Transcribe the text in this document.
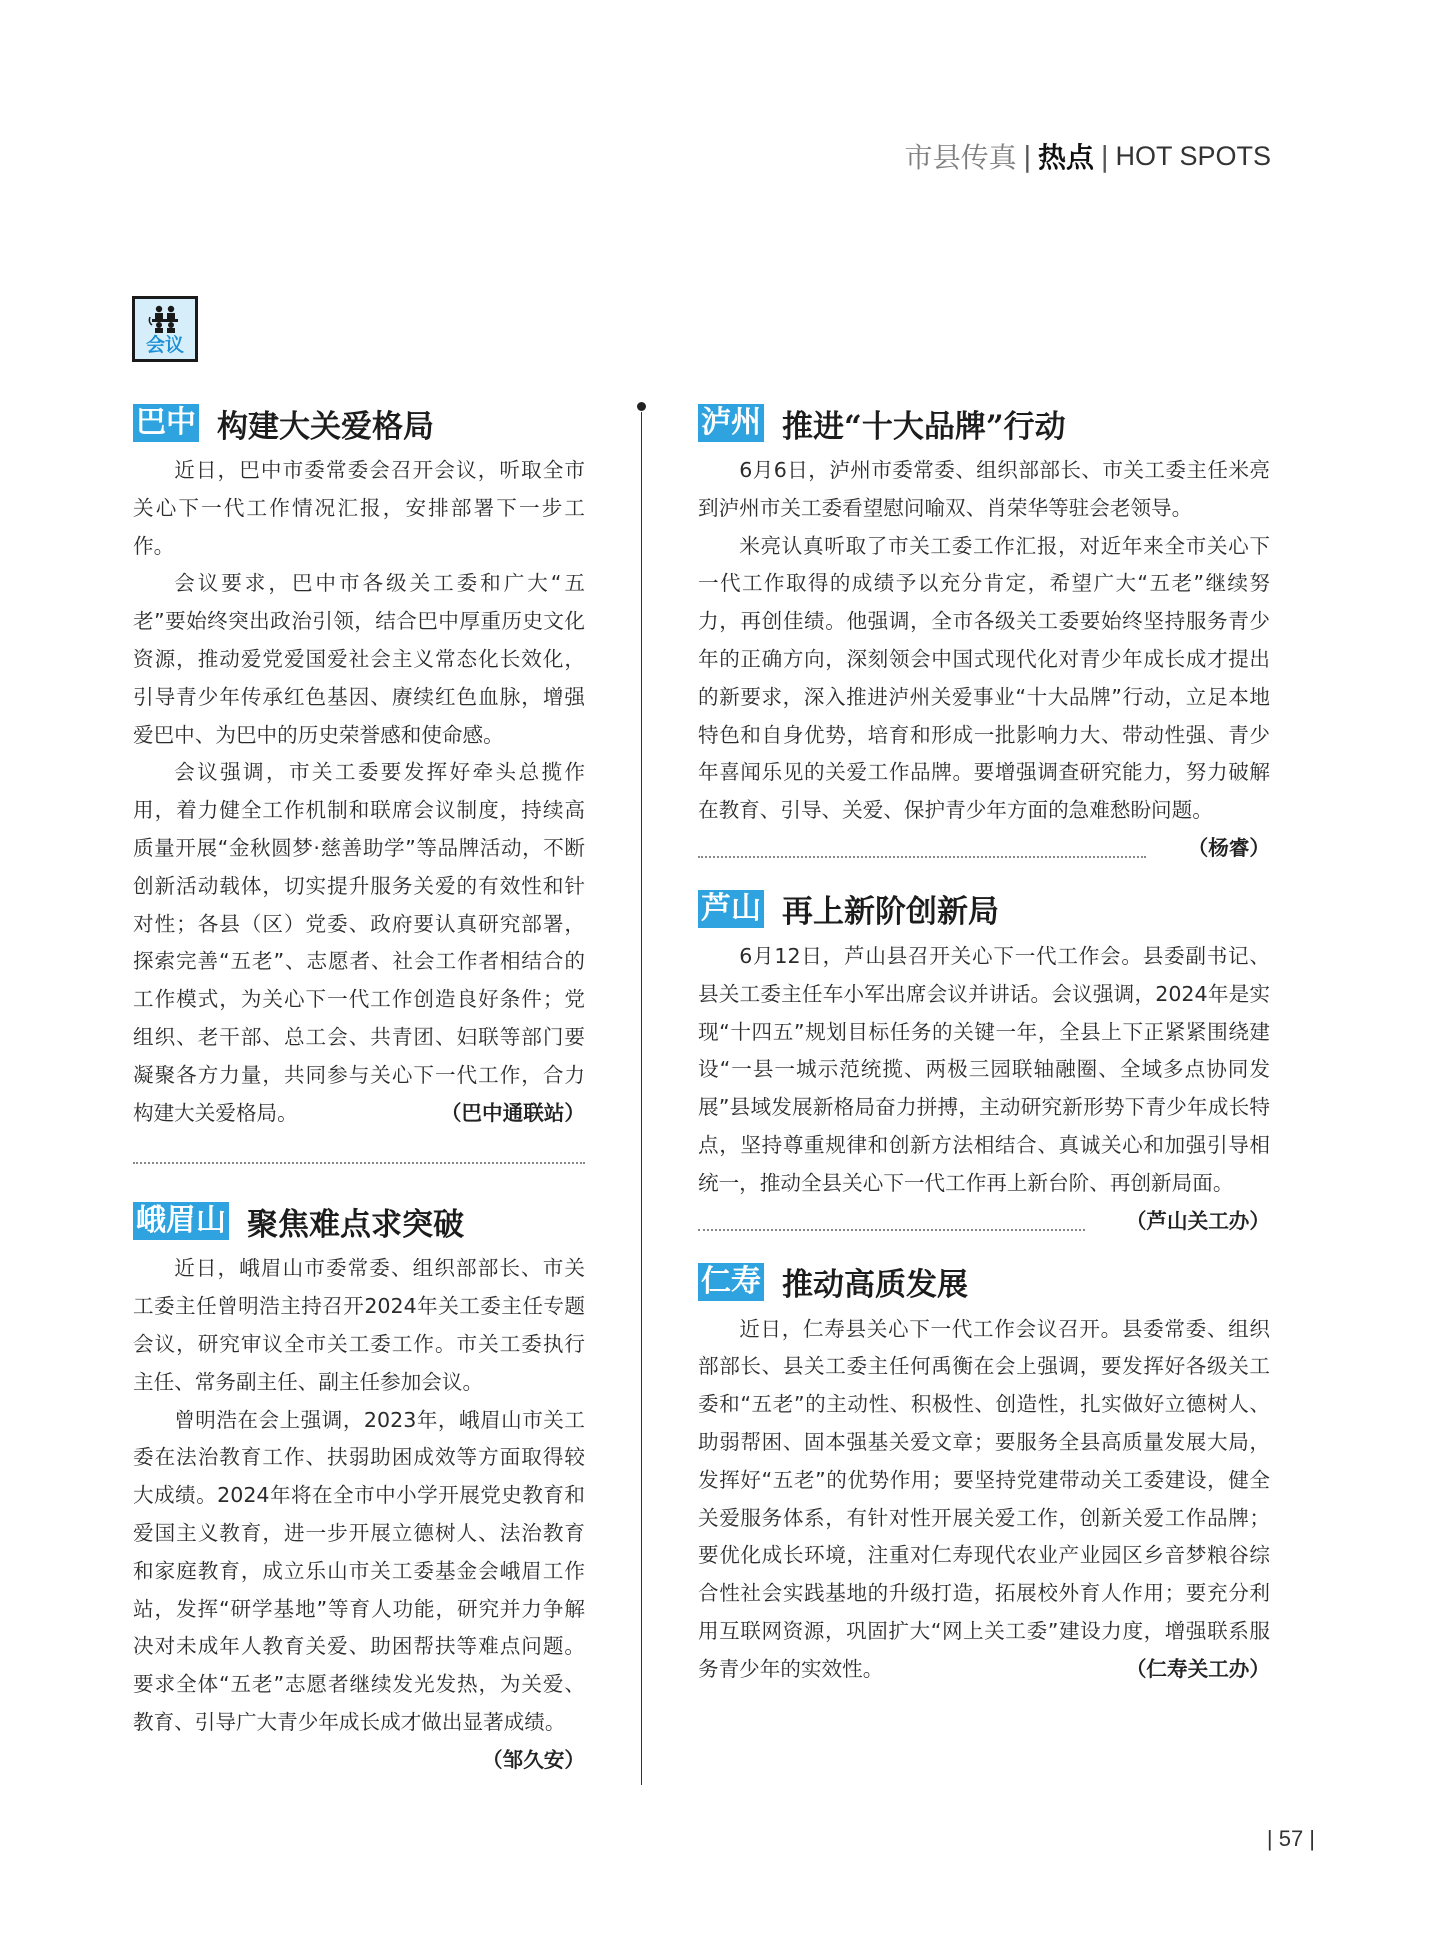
市县传真 | 热点 | HOT SPOTS
会议
巴中 构建大关爱格局

近日，巴中市委常委会召开会议，听取全市关心下一代工作情况汇报，安排部署下一步工作。

会议要求，巴中市各级关工委和广大“五老”要始终突出政治引领，结合巴中厚重历史文化资源，推动爱党爱国爱社会主义常态化长效化，引导青少年传承红色基因、赓续红色血脉，增强爱巴中、为巴中的历史荣誉感和使命感。

会议强调，市关工委要发挥好牵头总揽作用，着力健全工作机制和联席会议制度，持续高质量开展“金秋圆梦·慈善助学”等品牌活动，不断创新活动载体，切实提升服务关爱的有效性和针对性；各县（区）党委、政府要认真研究部署，探索完善“五老”、志愿者、社会工作者相结合的工作模式，为关心下一代工作创造良好条件；党组织、老干部、总工会、共青团、妇联等部门要凝聚各方力量，共同参与关心下一代工作，合力构建大关爱格局。	（巴中通联站）

峨眉山 聚焦难点求突破

近日，峨眉山市委常委、组织部部长、市关工委主任曾明浩主持召开2024年关工委主任专题会议，研究审议全市关工委工作。市关工委执行主任、常务副主任、副主任参加会议。

曾明浩在会上强调，2023年，峨眉山市关工委在法治教育工作、扶弱助困成效等方面取得较大成绩。2024年将在全市中小学开展党史教育和爱国主义教育，进一步开展立德树人、法治教育和家庭教育，成立乐山市关工委基金会峨眉工作站，发挥“研学基地”等育人功能，研究并力争解决对未成年人教育关爱、助困帮扶等难点问题。要求全体“五老”志愿者继续发光发热，为关爱、教育、引导广大青少年成长成才做出显著成绩。
（邹久安）

泸州 推进“十大品牌”行动

6月6日，泸州市委常委、组织部部长、市关工委主任米亮到泸州市关工委看望慰问喻双、肖荣华等驻会老领导。

米亮认真听取了市关工委工作汇报，对近年来全市关心下一代工作取得的成绩予以充分肯定，希望广大“五老”继续努力，再创佳绩。他强调，全市各级关工委要始终坚持服务青少年的正确方向，深刻领会中国式现代化对青少年成长成才提出的新要求，深入推进泸州关爱事业“十大品牌”行动，立足本地特色和自身优势，培育和形成一批影响力大、带动性强、青少年喜闻乐见的关爱工作品牌。要增强调查研究能力，努力破解在教育、引导、关爱、保护青少年方面的急难愁盼问题。
（杨睿）

芦山 再上新阶创新局

6月12日，芦山县召开关心下一代工作会。县委副书记、县关工委主任车小军出席会议并讲话。会议强调，2024年是实现“十四五”规划目标任务的关键一年，全县上下正紧紧围绕建设“一县一城示范统揽、两极三园联轴融圈、全域多点协同发展”县域发展新格局奋力拼搏，主动研究新形势下青少年成长特点，坚持尊重规律和创新方法相结合、真诚关心和加强引导相统一，推动全县关心下一代工作再上新台阶、再创新局面。
（芦山关工办）

仁寿 推动高质发展

近日，仁寿县关心下一代工作会议召开。县委常委、组织部部长、县关工委主任何禹衡在会上强调，要发挥好各级关工委和“五老”的主动性、积极性、创造性，扎实做好立德树人、助弱帮困、固本强基关爱文章；要服务全县高质量发展大局，发挥好“五老”的优势作用；要坚持党建带动关工委建设，健全关爱服务体系，有针对性开展关爱工作，创新关爱工作品牌；要优化成长环境，注重对仁寿现代农业产业园区乡音梦粮谷综合性社会实践基地的升级打造，拓展校外育人作用；要充分利用互联网资源，巩固扩大“网上关工委”建设力度，增强联系服务青少年的实效性。	（仁寿关工办）

| 57 |
